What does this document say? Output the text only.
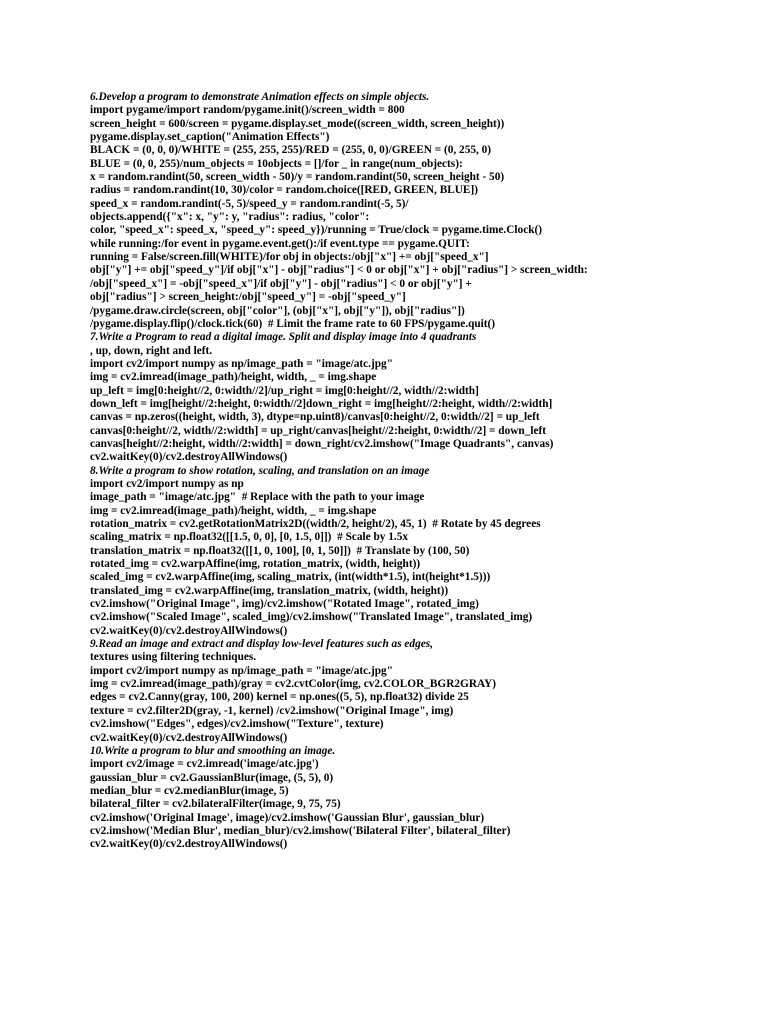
6.Develop a program to demonstrate Animation effects on simple objects.
import pygame/import random/pygame.init()/screen_width = 800
screen_height = 600/screen = pygame.display.set_mode((screen_width, screen_height))
pygame.display.set_caption("Animation Effects")
BLACK = (0, 0, 0)/WHITE = (255, 255, 255)/RED = (255, 0, 0)/GREEN = (0, 255, 0)
BLUE = (0, 0, 255)/num_objects = 10objects = []/for _ in range(num_objects):
x = random.randint(50, screen_width - 50)/y = random.randint(50, screen_height - 50)
radius = random.randint(10, 30)/color = random.choice([RED, GREEN, BLUE])
speed_x = random.randint(-5, 5)/speed_y = random.randint(-5, 5)/
objects.append({"x": x, "y": y, "radius": radius, "color":
color, "speed_x": speed_x, "speed_y": speed_y})/running = True/clock = pygame.time.Clock()
while running:/for event in pygame.event.get():/if event.type == pygame.QUIT:
running = False/screen.fill(WHITE)/for obj in objects:/obj["x"] += obj["speed_x"]
obj["y"] += obj["speed_y"]/if obj["x"] - obj["radius"] < 0 or obj["x"] + obj["radius"] > screen_width:
/obj["speed_x"] = -obj["speed_x"]/if obj["y"] - obj["radius"] < 0 or obj["y"] +
obj["radius"] > screen_height:/obj["speed_y"] = -obj["speed_y"]
/pygame.draw.circle(screen, obj["color"], (obj["x"], obj["y"]), obj["radius"])
/pygame.display.flip()/clock.tick(60)  # Limit the frame rate to 60 FPS/pygame.quit()
7.Write a Program to read a digital image. Split and display image into 4 quadrants
, up, down, right and left.
import cv2/import numpy as np/image_path = "image/atc.jpg"
img = cv2.imread(image_path)/height, width, _ = img.shape
up_left = img[0:height//2, 0:width//2]/up_right = img[0:height//2, width//2:width]
down_left = img[height//2:height, 0:width//2]down_right = img[height//2:height, width//2:width]
canvas = np.zeros((height, width, 3), dtype=np.uint8)/canvas[0:height//2, 0:width//2] = up_left
canvas[0:height//2, width//2:width] = up_right/canvas[height//2:height, 0:width//2] = down_left
canvas[height//2:height, width//2:width] = down_right/cv2.imshow("Image Quadrants", canvas)
cv2.waitKey(0)/cv2.destroyAllWindows()
8.Write a program to show rotation, scaling, and translation on an image
import cv2/import numpy as np
image_path = "image/atc.jpg"  # Replace with the path to your image
img = cv2.imread(image_path)/height, width, _ = img.shape
rotation_matrix = cv2.getRotationMatrix2D((width/2, height/2), 45, 1)  # Rotate by 45 degrees
scaling_matrix = np.float32([[1.5, 0, 0], [0, 1.5, 0]])  # Scale by 1.5x
translation_matrix = np.float32([[1, 0, 100], [0, 1, 50]])  # Translate by (100, 50)
rotated_img = cv2.warpAffine(img, rotation_matrix, (width, height))
scaled_img = cv2.warpAffine(img, scaling_matrix, (int(width*1.5), int(height*1.5)))
translated_img = cv2.warpAffine(img, translation_matrix, (width, height))
cv2.imshow("Original Image", img)/cv2.imshow("Rotated Image", rotated_img)
cv2.imshow("Scaled Image", scaled_img)/cv2.imshow("Translated Image", translated_img)
cv2.waitKey(0)/cv2.destroyAllWindows()
9.Read an image and extract and display low-level features such as edges,
textures using filtering techniques.
import cv2/import numpy as np/image_path = "image/atc.jpg"
img = cv2.imread(image_path)/gray = cv2.cvtColor(img, cv2.COLOR_BGR2GRAY)
edges = cv2.Canny(gray, 100, 200) kernel = np.ones((5, 5), np.float32) divide 25
texture = cv2.filter2D(gray, -1, kernel) /cv2.imshow("Original Image", img)
cv2.imshow("Edges", edges)/cv2.imshow("Texture", texture)
cv2.waitKey(0)/cv2.destroyAllWindows()
10.Write a program to blur and smoothing an image.
import cv2/image = cv2.imread('image/atc.jpg')
gaussian_blur = cv2.GaussianBlur(image, (5, 5), 0)
median_blur = cv2.medianBlur(image, 5)
bilateral_filter = cv2.bilateralFilter(image, 9, 75, 75)
cv2.imshow('Original Image', image)/cv2.imshow('Gaussian Blur', gaussian_blur)
cv2.imshow('Median Blur', median_blur)/cv2.imshow('Bilateral Filter', bilateral_filter)
cv2.waitKey(0)/cv2.destroyAllWindows()
